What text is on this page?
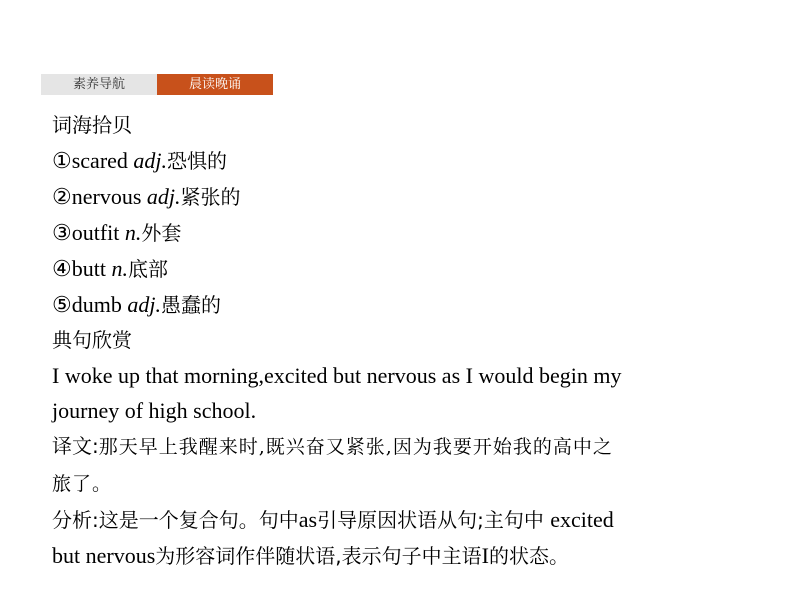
素养导航	晨读晚诵
词海拾贝
①scared adj.恐惧的
②nervous adj.紧张的
③outfit n.外套
④butt n.底部
⑤dumb adj.愚蠢的
典句欣赏
I woke up that morning,excited but nervous as I would begin my
journey of high school.
译文:那天早上我醒来时,既兴奋又紧张,因为我要开始我的高中之
旅了。
分析:这是一个复合句。句中as引导原因状语从句;主句中 excited
but nervous为形容词作伴随状语,表示句子中主语I的状态。
